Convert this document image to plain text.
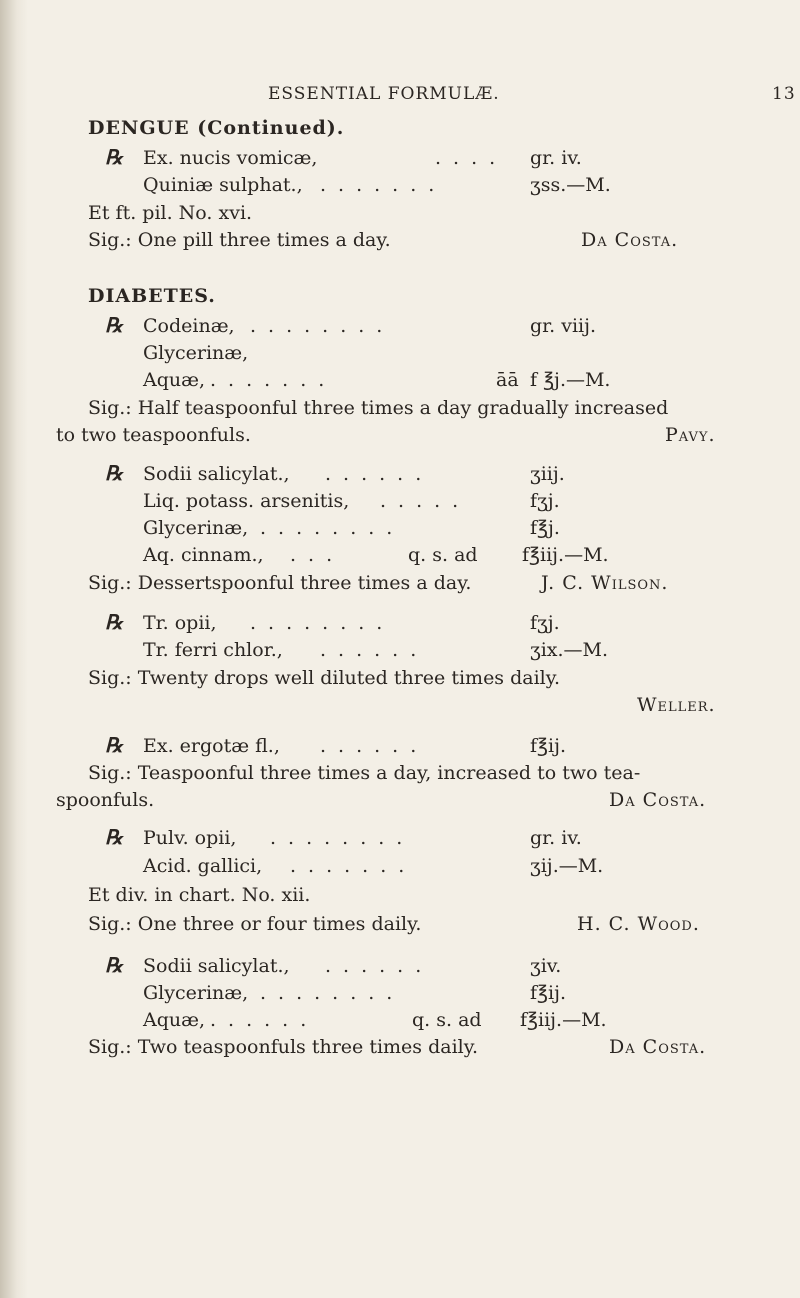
ESSENTIAL FORMULÆ.	13
DENGUE (Continued).
℞ Ex. nucis vomicæ,	.... gr. iv.
Quiniæ sulphat., .......	ʒss.—M.
Et ft. pil. No. xvi.
Sig.: One pill three times a day.	Da Costa.
DIABETES.
℞ Codeinæ, ........	gr. viij.
Glycerinæ,
Aquæ, .......	āā f ℥j.—M.
Sig.: Half teaspoonful three times a day gradually increased
to two teaspoonfuls.	Pavy.
℞ Sodii salicylat., ......	ʒiij.
Liq. potass. arsenitis, .....	fʒj.
Glycerinæ, ........	f℥j.
Aq. cinnam., ...	q. s. ad f℥iij.—M.
Sig.: Dessertspoonful three times a day.	J. C. Wilson.
℞ Tr. opii, ........	fʒj.
Tr. ferri chlor., ......	ʒix.—M.
Sig.: Twenty drops well diluted three times daily.
Weller.
℞ Ex. ergotæ fl., ......	f℥ij.
Sig.: Teaspoonful three times a day, increased to two tea-
spoonfuls.	Da Costa.
℞ Pulv. opii, ........	gr. iv.
Acid. gallici, .......	ʒij.—M.
Et div. in chart. No. xii.
Sig.: One three or four times daily.	H. C. Wood.
℞ Sodii salicylat., ......	ʒiv.
Glycerinæ, ........	f℥ij.
Aquæ, ......	q. s. ad f℥iij.—M.
Sig.: Two teaspoonfuls three times daily.	Da Costa.
